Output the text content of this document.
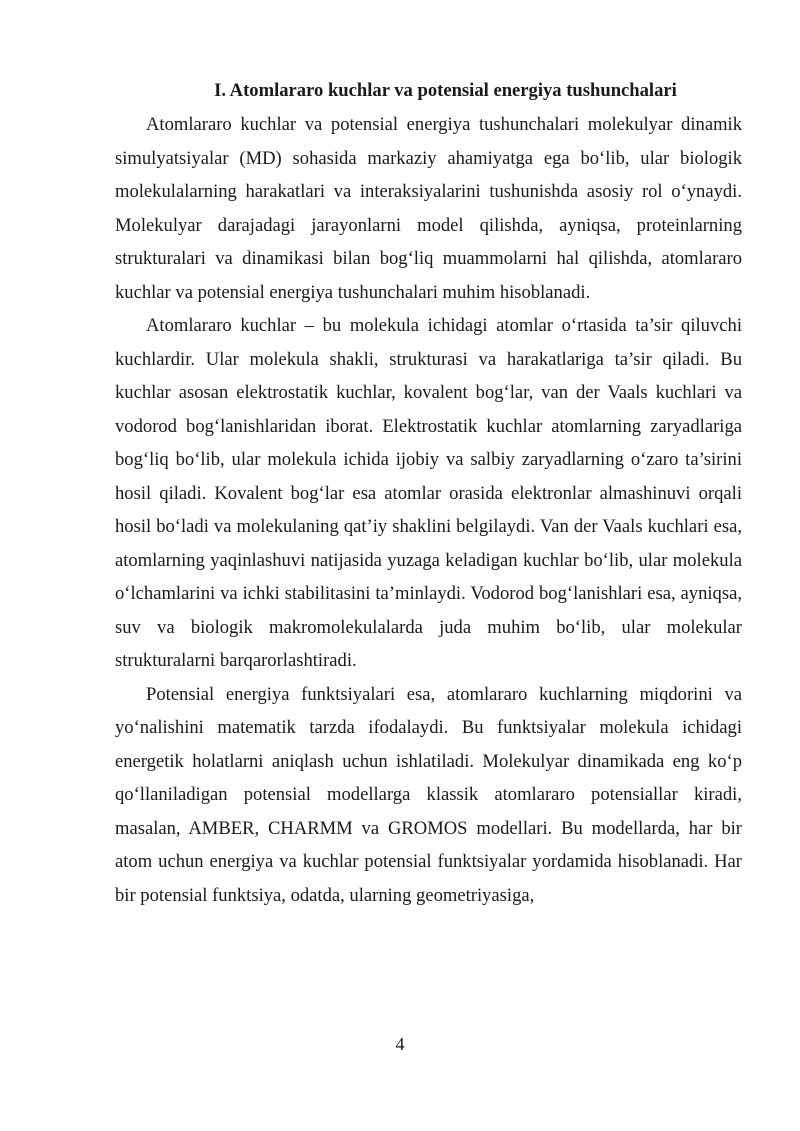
I. Atomlararo kuchlar va potensial energiya tushunchalari

Atomlararo kuchlar va potensial energiya tushunchalari molekulyar dinamik simulyatsiyalar (MD) sohasida markaziy ahamiyatga ega bo‘lib, ular biologik molekulalarning harakatlari va interaksiyalarini tushunishda asosiy rol o‘ynaydi. Molekulyar darajadagi jarayonlarni model qilishda, ayniqsa, proteinlarning strukturalari va dinamikasi bilan bog‘liq muammolarni hal qilishda, atomlararo kuchlar va potensial energiya tushunchalari muhim hisoblanadi.

Atomlararo kuchlar – bu molekula ichidagi atomlar o‘rtasida ta’sir qiluvchi kuchlardir. Ular molekula shakli, strukturasi va harakatlariga ta’sir qiladi. Bu kuchlar asosan elektrostatik kuchlar, kovalent bog‘lar, van der Vaals kuchlari va vodorod bog‘lanishlaridan iborat. Elektrostatik kuchlar atomlarning zaryadlariga bog‘liq bo‘lib, ular molekula ichida ijobiy va salbiy zaryadlarning o‘zaro ta’sirini hosil qiladi. Kovalent bog‘lar esa atomlar orasida elektronlar almashinuvi orqali hosil bo‘ladi va molekulaning qat’iy shaklini belgilaydi. Van der Vaals kuchlari esa, atomlarning yaqinlashuvi natijasida yuzaga keladigan kuchlar bo‘lib, ular molekula o‘lchamlarini va ichki stabilitasini ta’minlaydi. Vodorod bog‘lanishlari esa, ayniqsa, suv va biologik makromolekulalarda juda muhim bo‘lib, ular molekular strukturalarni barqarorlashtiradi.

Potensial energiya funktsiyalari esa, atomlararo kuchlarning miqdorini va yo‘nalishini matematik tarzda ifodalaydi. Bu funktsiyalar molekula ichidagi energetik holatlarni aniqlash uchun ishlatiladi. Molekulyar dinamikada eng ko‘p qo‘llaniladigan potensial modellarga klassik atomlararo potensiallar kiradi, masalan, AMBER, CHARMM va GROMOS modellari. Bu modellarda, har bir atom uchun energiya va kuchlar potensial funktsiyalar yordamida hisoblanadi. Har bir potensial funktsiya, odatda, ularning geometriyasiga,

4
